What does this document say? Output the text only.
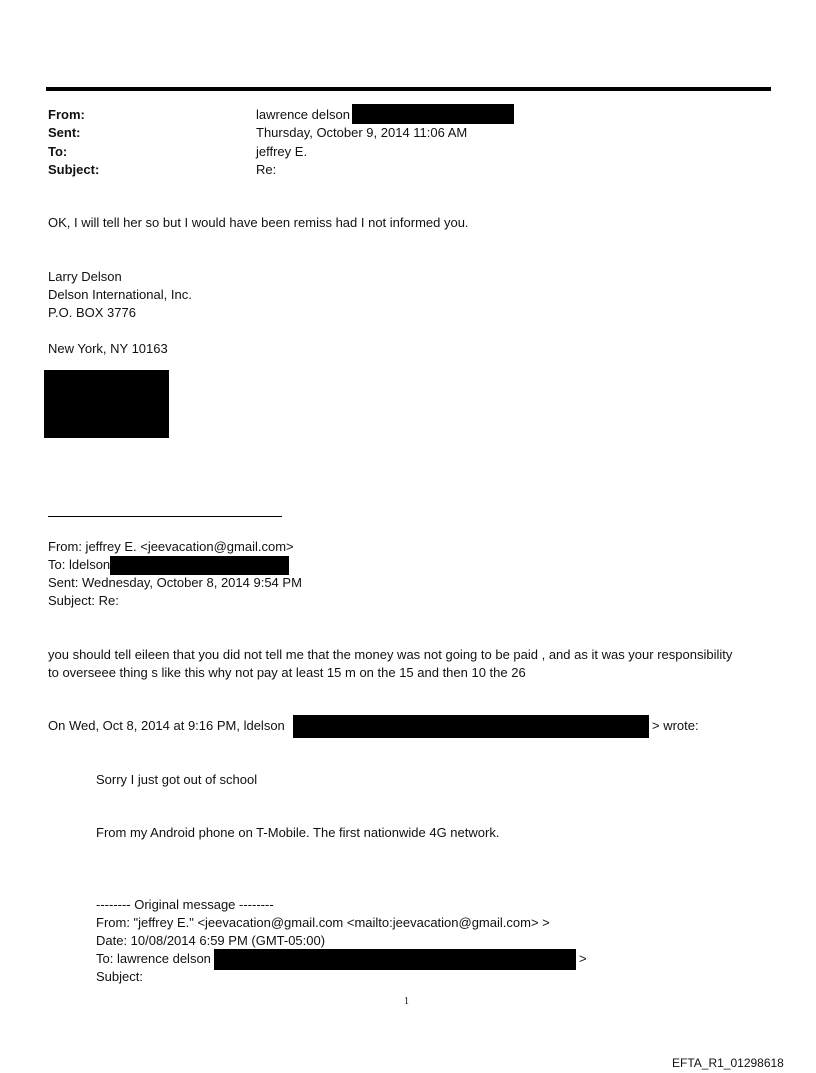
From:	lawrence delson
Sent:	Thursday, October 9, 2014 11:06 AM
To:	jeffrey E.
Subject:	Re:
OK, I will tell her so but I would have been remiss had I not informed you.
Larry Delson
Delson International, Inc.
P.O. BOX 3776
New York, NY 10163
From: jeffrey E. <jeevacation@gmail.com>
To: ldelson
Sent: Wednesday, October 8, 2014 9:54 PM
Subject: Re:
you should tell eileen that you did not tell me that the money was not going to be paid , and as it was your responsibility
to overseee thing s like this why not pay at least 15 m on the 15 and then 10 the 26
On Wed, Oct 8, 2014 at 9:16 PM, ldelson	> wrote:
Sorry I just got out of school
From my Android phone on T-Mobile. The first nationwide 4G network.
-------- Original message --------
From: "jeffrey E." <jeevacation@gmail.com <mailto:jeevacation@gmail.com> >
Date: 10/08/2014 6:59 PM (GMT-05:00)
To: lawrence delson	>
Subject:
1
EFTA_R1_01298618
